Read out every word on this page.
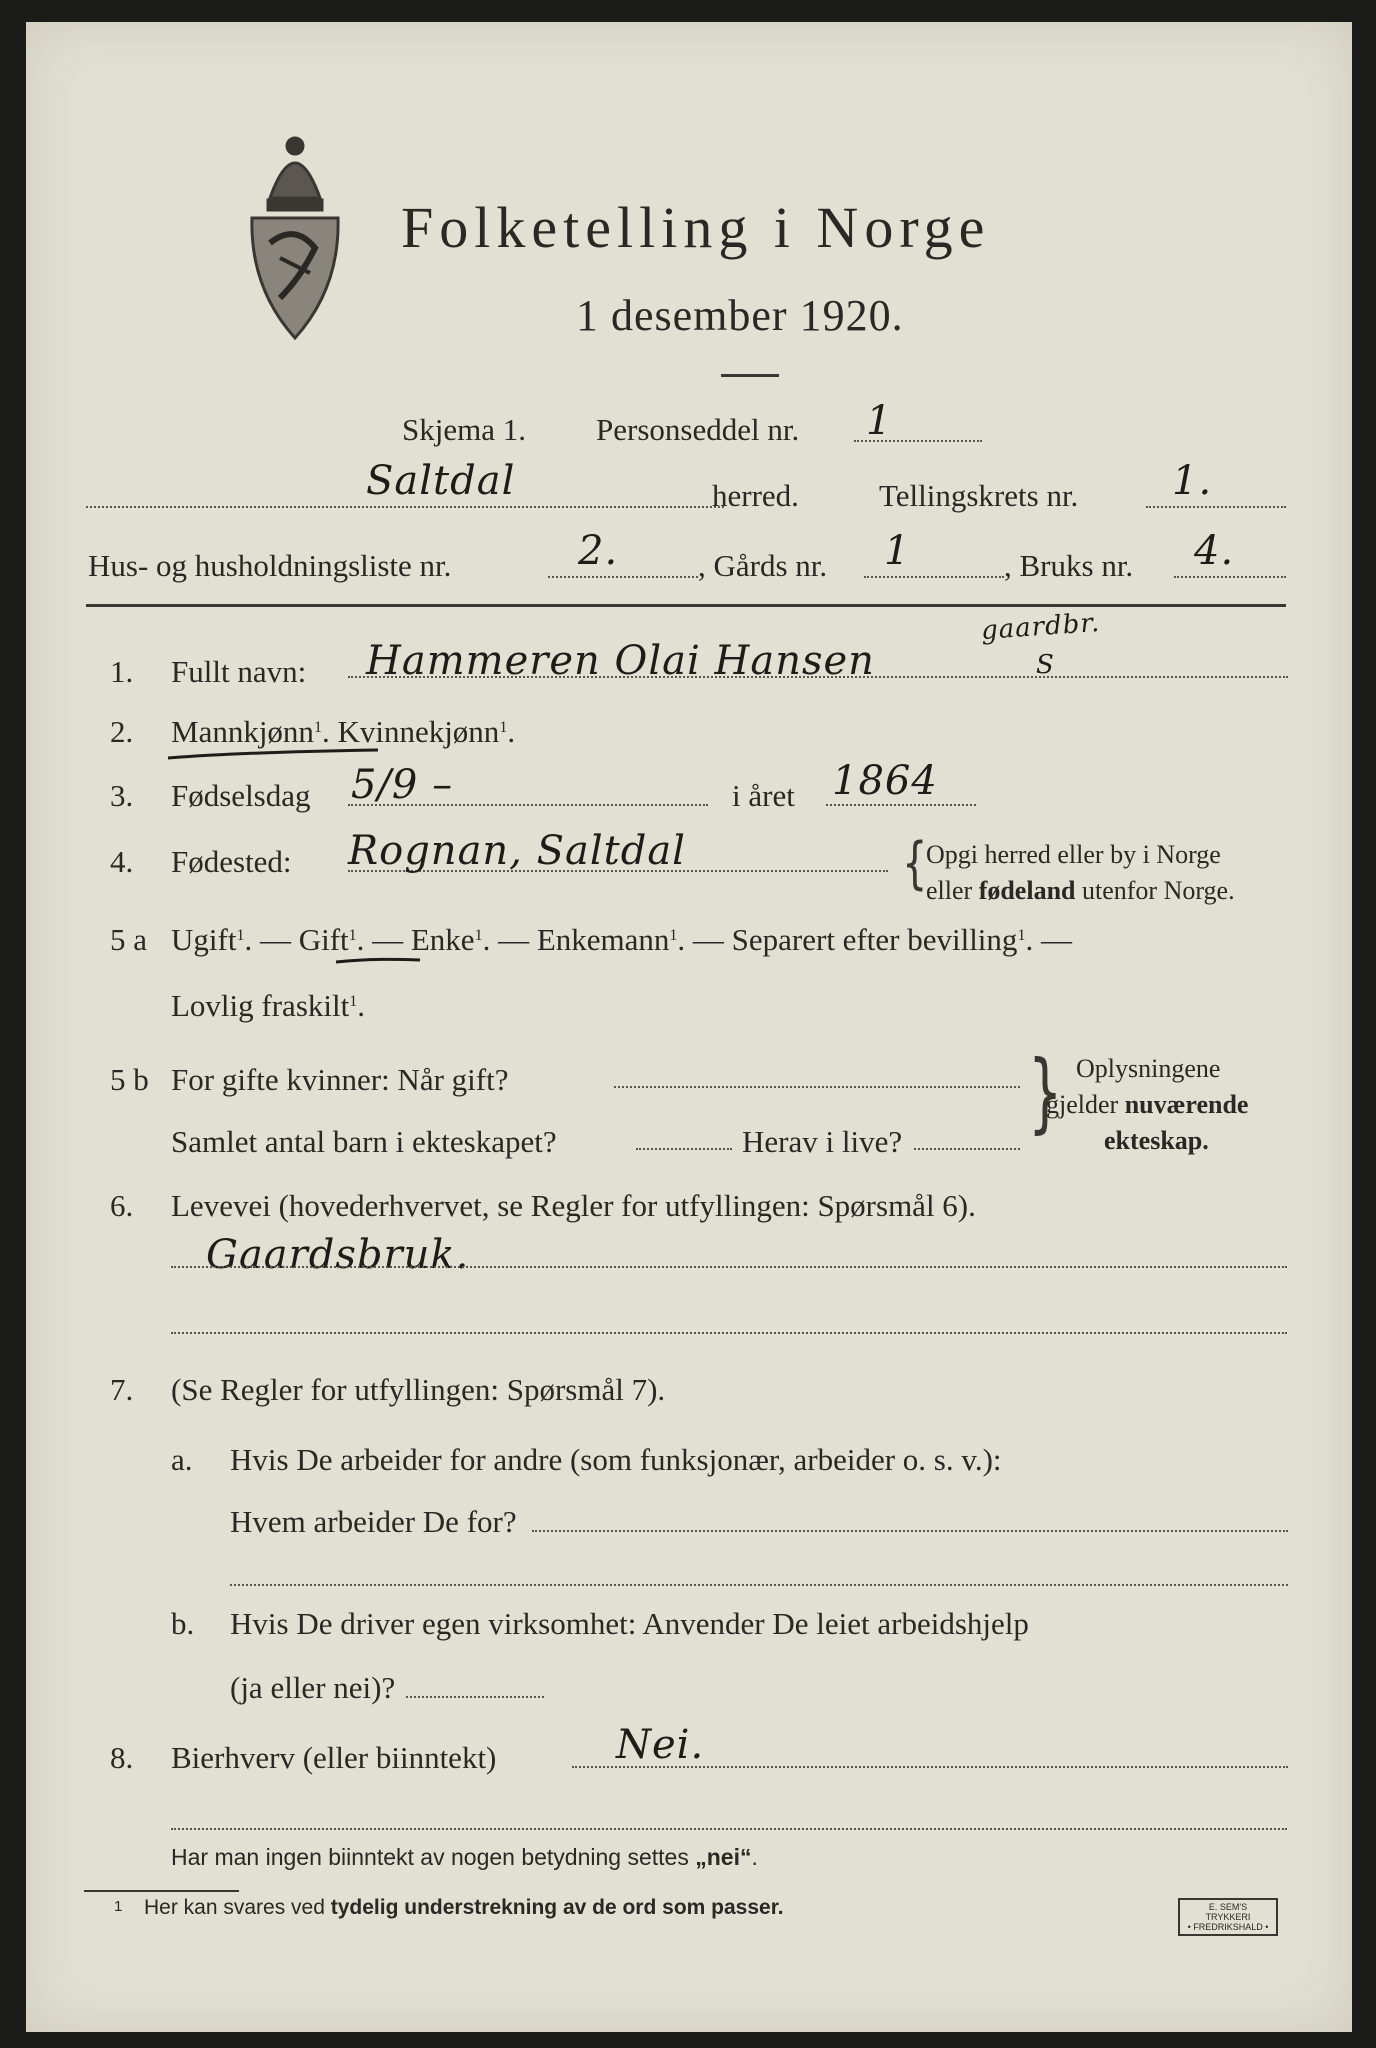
Folketelling i Norge
1 desember 1920.
Skjema 1. Personseddel nr. 1
Saltdal	herred.	Tellingskrets nr. 1.
Hus- og husholdningsliste nr.	2.	, Gårds nr. 1	, Bruks nr. 4.
1. Fullt navn: Hammeren Olai Hansen
gaardbr.
S
2. Mannkjønn$^1$. Kvinnekjønn$^1$.
3. Fødselsdag 5/9 –	i året 1864
4. Fødested: Rognan, Saltdal	{
Opgi herred eller by i Norge
eller fødeland utenfor Norge.
5 a Ugift$^1$. — Gift$^1$. — Enke$^1$. — Enkemann$^1$. — Separert efter bevilling$^1$. —
Lovlig fraskilt$^1$.
5 b For gifte kvinner: Når gift?
Samlet antal barn i ekteskapet?	Herav i live? } Oplysningene
gjelder nuværende
ekteskap.
6. Levevei (hovederhvervet, se Regler for utfyllingen: Spørsmål 6).
Gaardsbruk.
7. (Se Regler for utfyllingen: Spørsmål 7).
a. Hvis De arbeider for andre (som funksjonær, arbeider o. s. v.):
Hvem arbeider De for?
b. Hvis De driver egen virksomhet: Anvender De leiet arbeidshjelp
(ja eller nei)?
8. Bierhverv (eller biinntekt)	Nei.
Har man ingen biinntekt av nogen betydning settes „nei“.
1 Her kan svares ved tydelig understrekning av de ord som passer.	E. SEM'S TRYKKERI
• FREDRIKSHALD •
